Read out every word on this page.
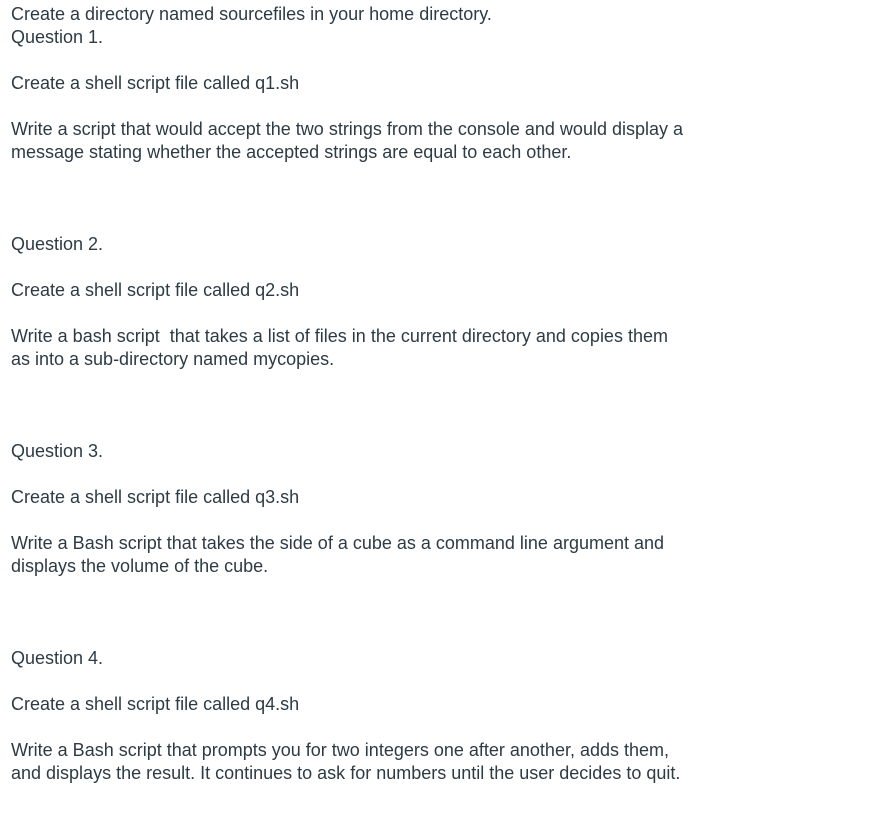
Create a directory named sourcefiles in your home directory.

Question 1.

Create a shell script file called q1.sh

Write a script that would accept the two strings from the console and would display a

message stating whether the accepted strings are equal to each other.

Question 2.

Create a shell script file called q2.sh

Write a bash script  that takes a list of files in the current directory and copies them

as into a sub-directory named mycopies.

Question 3.

Create a shell script file called q3.sh

Write a Bash script that takes the side of a cube as a command line argument and

displays the volume of the cube.

Question 4.

Create a shell script file called q4.sh

Write a Bash script that prompts you for two integers one after another, adds them,

and displays the result. It continues to ask for numbers until the user decides to quit.
